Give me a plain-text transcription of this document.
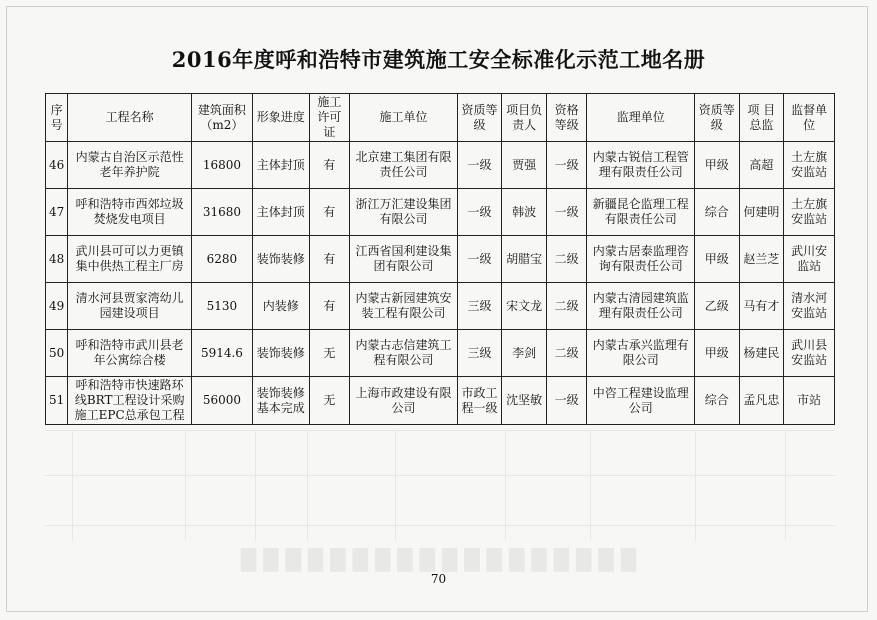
█ █ █ █ █ █ █ █ █ █ █ █ █ █ █ █ █ █
2016年度呼和浩特市建筑施工安全标准化示范工地名册
序号	工程名称	建筑面积（m2）	形象进度	施工许可证	施工单位	资质等级	项目负责人	资格等级	监理单位	资质等级	项 目总监	监督单位
46	内蒙古自治区示范性老年养护院	16800	主体封顶	有	北京建工集团有限责任公司	一级	贾强	一级	内蒙古锐信工程管理有限责任公司	甲级	高超	土左旗安监站
47	呼和浩特市西郊垃圾焚烧发电项目	31680	主体封顶	有	浙江万汇建设集团有限公司	一级	韩波	一级	新疆昆仑监理工程有限责任公司	综合	何建明	土左旗安监站
48	武川县可可以力更镇集中供热工程主厂房	6280	装饰装修	有	江西省国利建设集团有限公司	一级	胡腊宝	二级	内蒙古居泰监理咨询有限责任公司	甲级	赵兰芝	武川安监站
49	清水河县贾家湾幼儿园建设项目	5130	内装修	有	内蒙古新园建筑安装工程有限公司	三级	宋文龙	二级	内蒙古清园建筑监理有限责任公司	乙级	马有才	清水河安监站
50	呼和浩特市武川县老年公寓综合楼	5914.6	装饰装修	无	内蒙古志信建筑工程有限公司	三级	李剑	二级	内蒙古承兴监理有限公司	甲级	杨建民	武川县安监站
51	呼和浩特市快速路环线BRT工程设计采购施工EPC总承包工程	56000	装饰装修基本完成	无	上海市政建设有限公司	市政工程一级	沈坚敏	一级	中咨工程建设监理公司	综合	孟凡忠	市站
70
